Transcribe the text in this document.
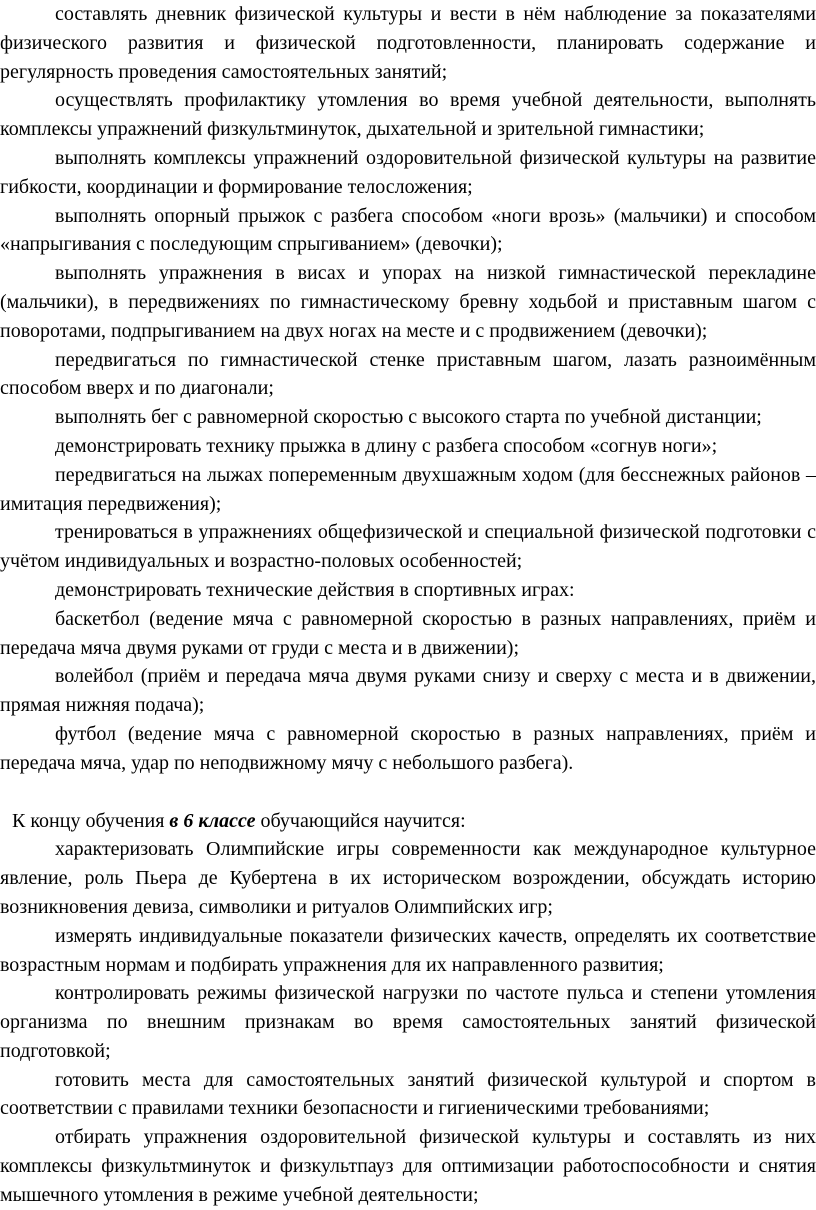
составлять дневник физической культуры и вести в нём наблюдение за показателями физического развития и физической подготовленности, планировать содержание и регулярность проведения самостоятельных занятий;

осуществлять профилактику утомления во время учебной деятельности, выполнять комплексы упражнений физкультминуток, дыхательной и зрительной гимнастики;

выполнять комплексы упражнений оздоровительной физической культуры на развитие гибкости, координации и формирование телосложения;

выполнять опорный прыжок с разбега способом «ноги врозь» (мальчики) и способом «напрыгивания с последующим спрыгиванием» (девочки);

выполнять упражнения в висах и упорах на низкой гимнастической перекладине (мальчики), в передвижениях по гимнастическому бревну ходьбой и приставным шагом с поворотами, подпрыгиванием на двух ногах на месте и с продвижением (девочки);

передвигаться по гимнастической стенке приставным шагом, лазать разноимённым способом вверх и по диагонали;

выполнять бег с равномерной скоростью с высокого старта по учебной дистанции;

демонстрировать технику прыжка в длину с разбега способом «согнув ноги»;

передвигаться на лыжах попеременным двухшажным ходом (для бесснежных районов – имитация передвижения);

тренироваться в упражнениях общефизической и специальной физической подготовки с учётом индивидуальных и возрастно-половых особенностей;

демонстрировать технические действия в спортивных играх:

баскетбол (ведение мяча с равномерной скоростью в разных направлениях, приём и передача мяча двумя руками от груди с места и в движении);

волейбол (приём и передача мяча двумя руками снизу и сверху с места и в движении, прямая нижняя подача);

футбол (ведение мяча с равномерной скоростью в разных направлениях, приём и передача мяча, удар по неподвижному мячу с небольшого разбега).

К концу обучения в 6 классе обучающийся научится:

характеризовать Олимпийские игры современности как международное культурное явление, роль Пьера де Кубертена в их историческом возрождении, обсуждать историю возникновения девиза, символики и ритуалов Олимпийских игр;

измерять индивидуальные показатели физических качеств, определять их соответствие возрастным нормам и подбирать упражнения для их направленного развития;

контролировать режимы физической нагрузки по частоте пульса и степени утомления организма по внешним признакам во время самостоятельных занятий физической подготовкой;

готовить места для самостоятельных занятий физической культурой и спортом в соответствии с правилами техники безопасности и гигиеническими требованиями;

отбирать упражнения оздоровительной физической культуры и составлять из них комплексы физкультминуток и физкультпауз для оптимизации работоспособности и снятия мышечного утомления в режиме учебной деятельности;
